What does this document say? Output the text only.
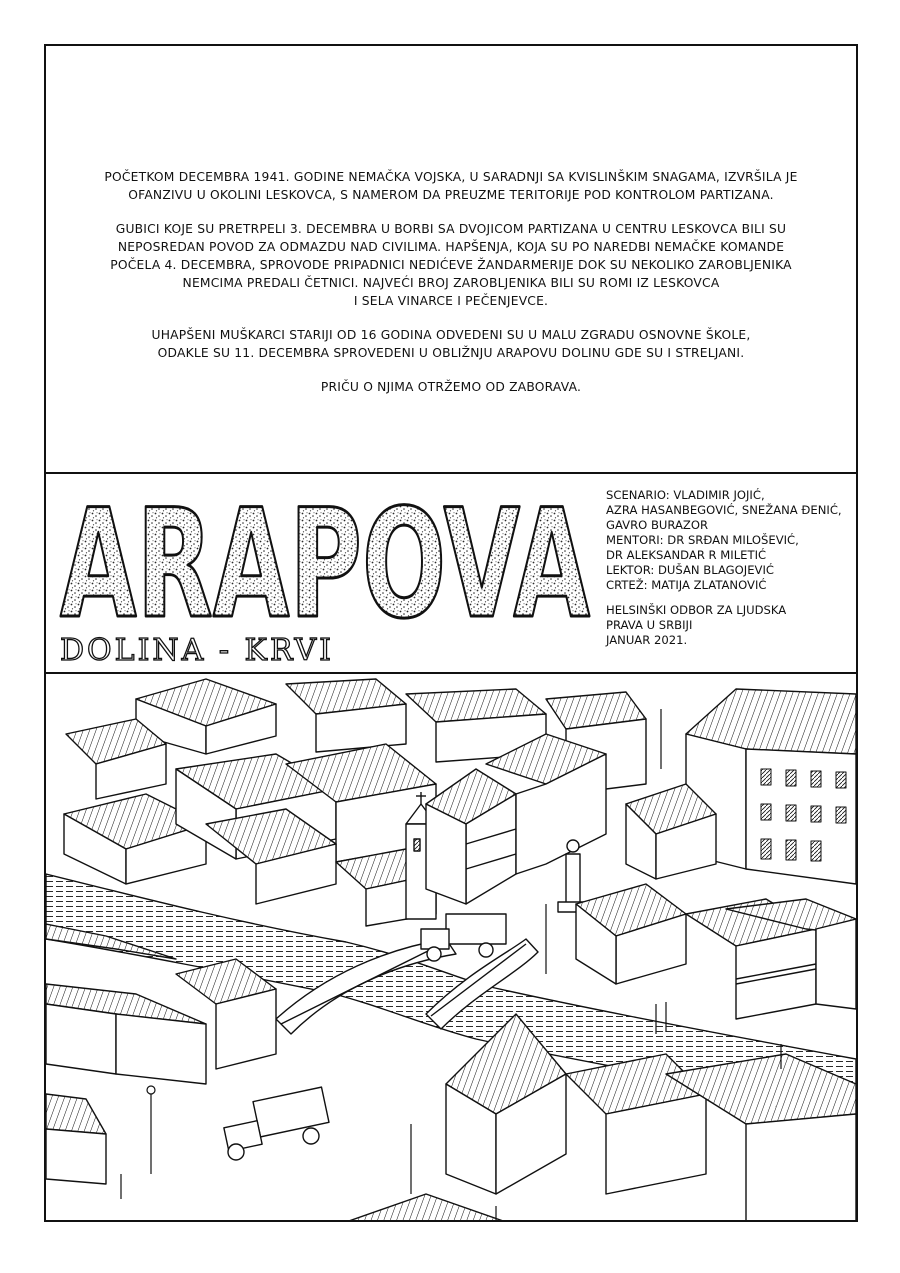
POČETKOM DECEMBRA 1941. GODINE NEMAČKA VOJSKA, U SARADNJI SA KVISLINŠKIM SNAGAMA, IZVRŠILA JE
OFANZIVU U OKOLINI LESKOVCA, S NAMEROM DA PREUZME TERITORIJE POD KONTROLOM PARTIZANA.

GUBICI KOJE SU PRETRPELI 3. DECEMBRA U BORBI SA DVOJICOM PARTIZANA U CENTRU LESKOVCA BILI SU
NEPOSREDAN POVOD ZA ODMAZDU NAD CIVILIMA. HAPŠENJA, KOJA SU PO NAREDBI NEMAČKE KOMANDE
POČELA 4. DECEMBRA, SPROVODE PRIPADNICI NEDIĆEVE ŽANDARMERIJE DOK SU NEKOLIKO ZAROBLJENIKA
NEMCIMA PREDALI ČETNICI. NAJVEĆI BROJ ZAROBLJENIKA BILI SU ROMI IZ LESKOVCA
I SELA VINARCE I PEČENJEVCE.

UHAPŠENI MUŠKARCI STARIJI OD 16 GODINA ODVEDENI SU U MALU ZGRADU OSNOVNE ŠKOLE,
ODAKLE SU 11. DECEMBRA SPROVEDENI U OBLIŽNJU ARAPOVU DOLINU GDE SU I STRELJANI.

PRIČU O NJIMA OTRŽEMO OD ZABORAVA.

ARAPOVA
DOLINA - KRVI
SCENARIO: VLADIMIR JOJIĆ,
AZRA HASANBEGOVIĆ, SNEŽANA ĐENIĆ,
GAVRO BURAZOR
MENTORI: DR SRĐAN MILOŠEVIĆ,
DR ALEKSANDAR R MILETIĆ
LEKTOR: DUŠAN BLAGOJEVIĆ
CRTEŽ: MATIJA ZLATANOVIĆ
HELSINŠKI ODBOR ZA LJUDSKA
PRAVA U SRBIJI
JANUAR 2021.
